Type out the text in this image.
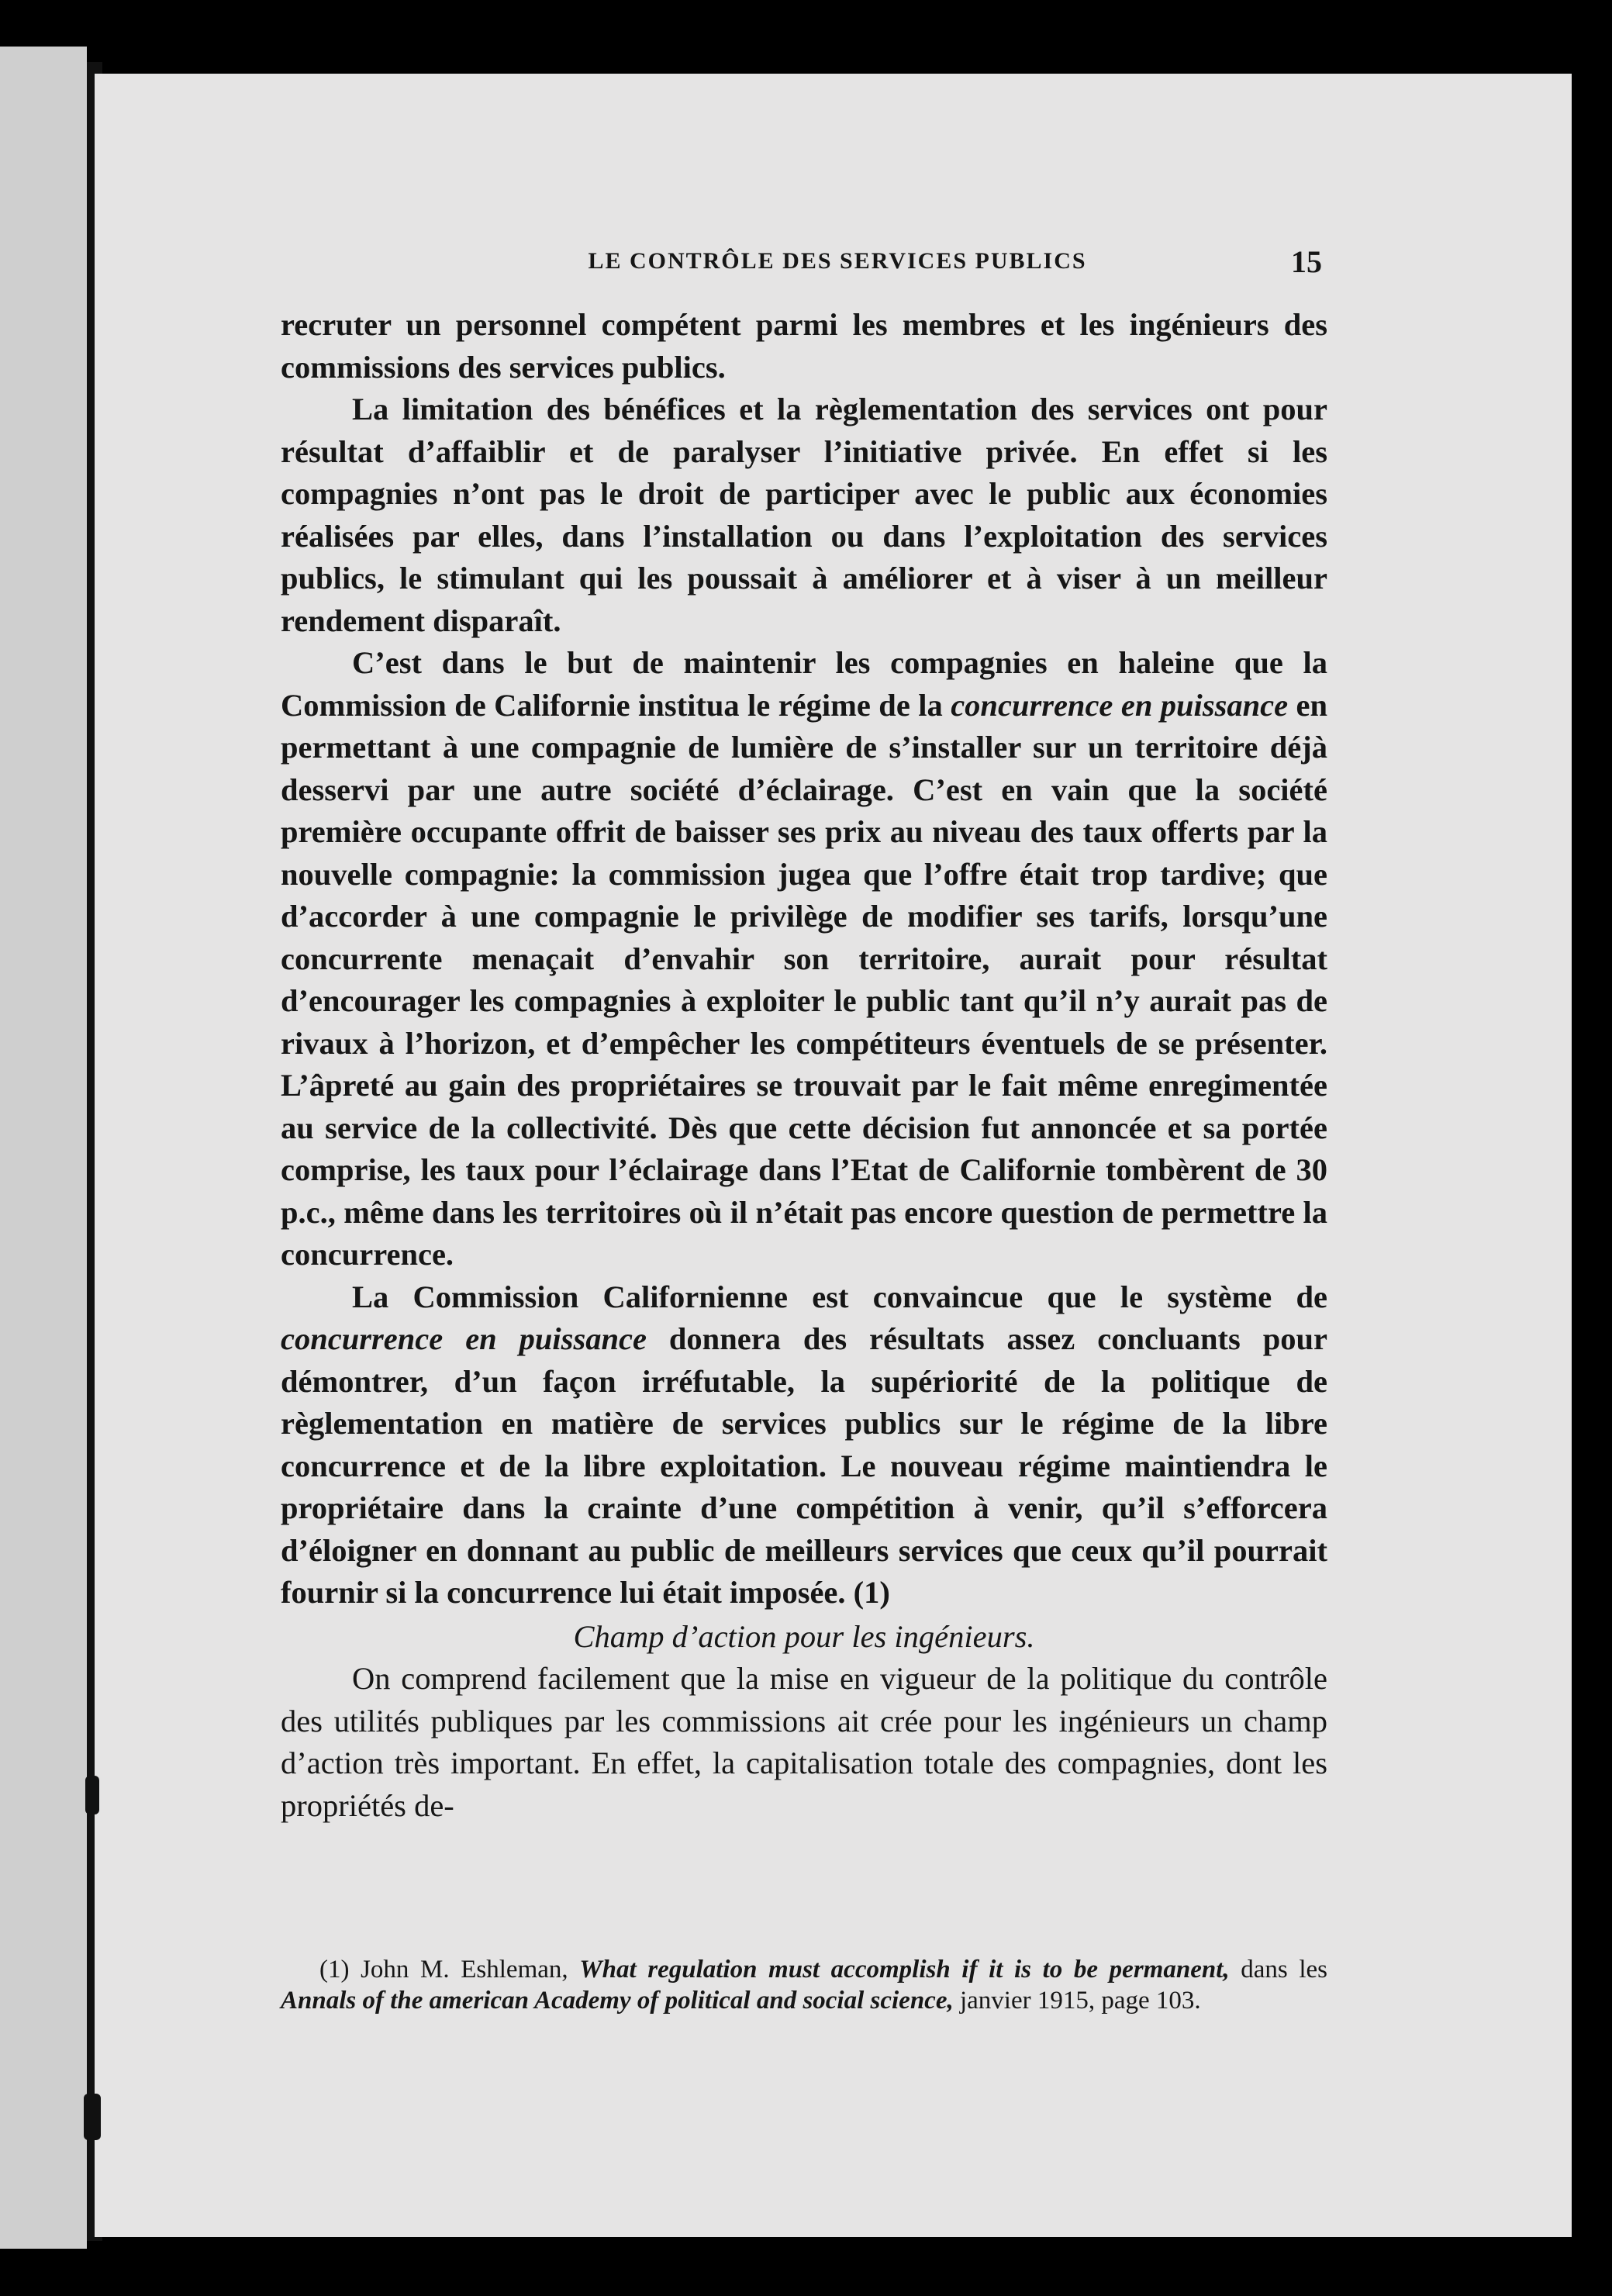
LE CONTRÔLE DES SERVICES PUBLICS	15

recruter un personnel compétent parmi les membres et les ingénieurs des commissions des services publics.

La limitation des bénéfices et la règlementation des services ont pour résultat d’affaiblir et de paralyser l’initiative privée. En effet si les compagnies n’ont pas le droit de participer avec le public aux économies réalisées par elles, dans l’installation ou dans l’exploitation des services publics, le stimulant qui les poussait à améliorer et à viser à un meilleur rendement disparaît.

C’est dans le but de maintenir les compagnies en haleine que la Commission de Californie institua le régime de la concurrence en puissance en permettant à une compagnie de lumière de s’installer sur un territoire déjà desservi par une autre société d’éclairage. C’est en vain que la société première occupante offrit de baisser ses prix au niveau des taux offerts par la nouvelle compagnie: la commission jugea que l’offre était trop tardive; que d’accorder à une compagnie le privilège de modifier ses tarifs, lorsqu’une concurrente menaçait d’envahir son territoire, aurait pour résultat d’encourager les compagnies à exploiter le public tant qu’il n’y aurait pas de rivaux à l’horizon, et d’empêcher les compétiteurs éventuels de se présenter. L’âpreté au gain des propriétaires se trouvait par le fait même enregimentée au service de la collectivité. Dès que cette décision fut annoncée et sa portée comprise, les taux pour l’éclairage dans l’Etat de Californie tombèrent de 30 p.c., même dans les territoires où il n’était pas encore question de permettre la concurrence.

La Commission Californienne est convaincue que le système de concurrence en puissance donnera des résultats assez concluants pour démontrer, d’un façon irréfutable, la supériorité de la politique de règlementation en matière de services publics sur le régime de la libre concurrence et de la libre exploitation. Le nouveau régime maintiendra le propriétaire dans la crainte d’une compétition à venir, qu’il s’efforcera d’éloigner en donnant au public de meilleurs services que ceux qu’il pourrait fournir si la concurrence lui était imposée. (1)

Champ d’action pour les ingénieurs.

On comprend facilement que la mise en vigueur de la politique du contrôle des utilités publiques par les commissions ait crée pour les ingénieurs un champ d’action très important. En effet, la capitalisation totale des compagnies, dont les propriétés de-

(1) John M. Eshleman, What regulation must accomplish if it is to be permanent, dans les Annals of the american Academy of political and social science, janvier 1915, page 103.
